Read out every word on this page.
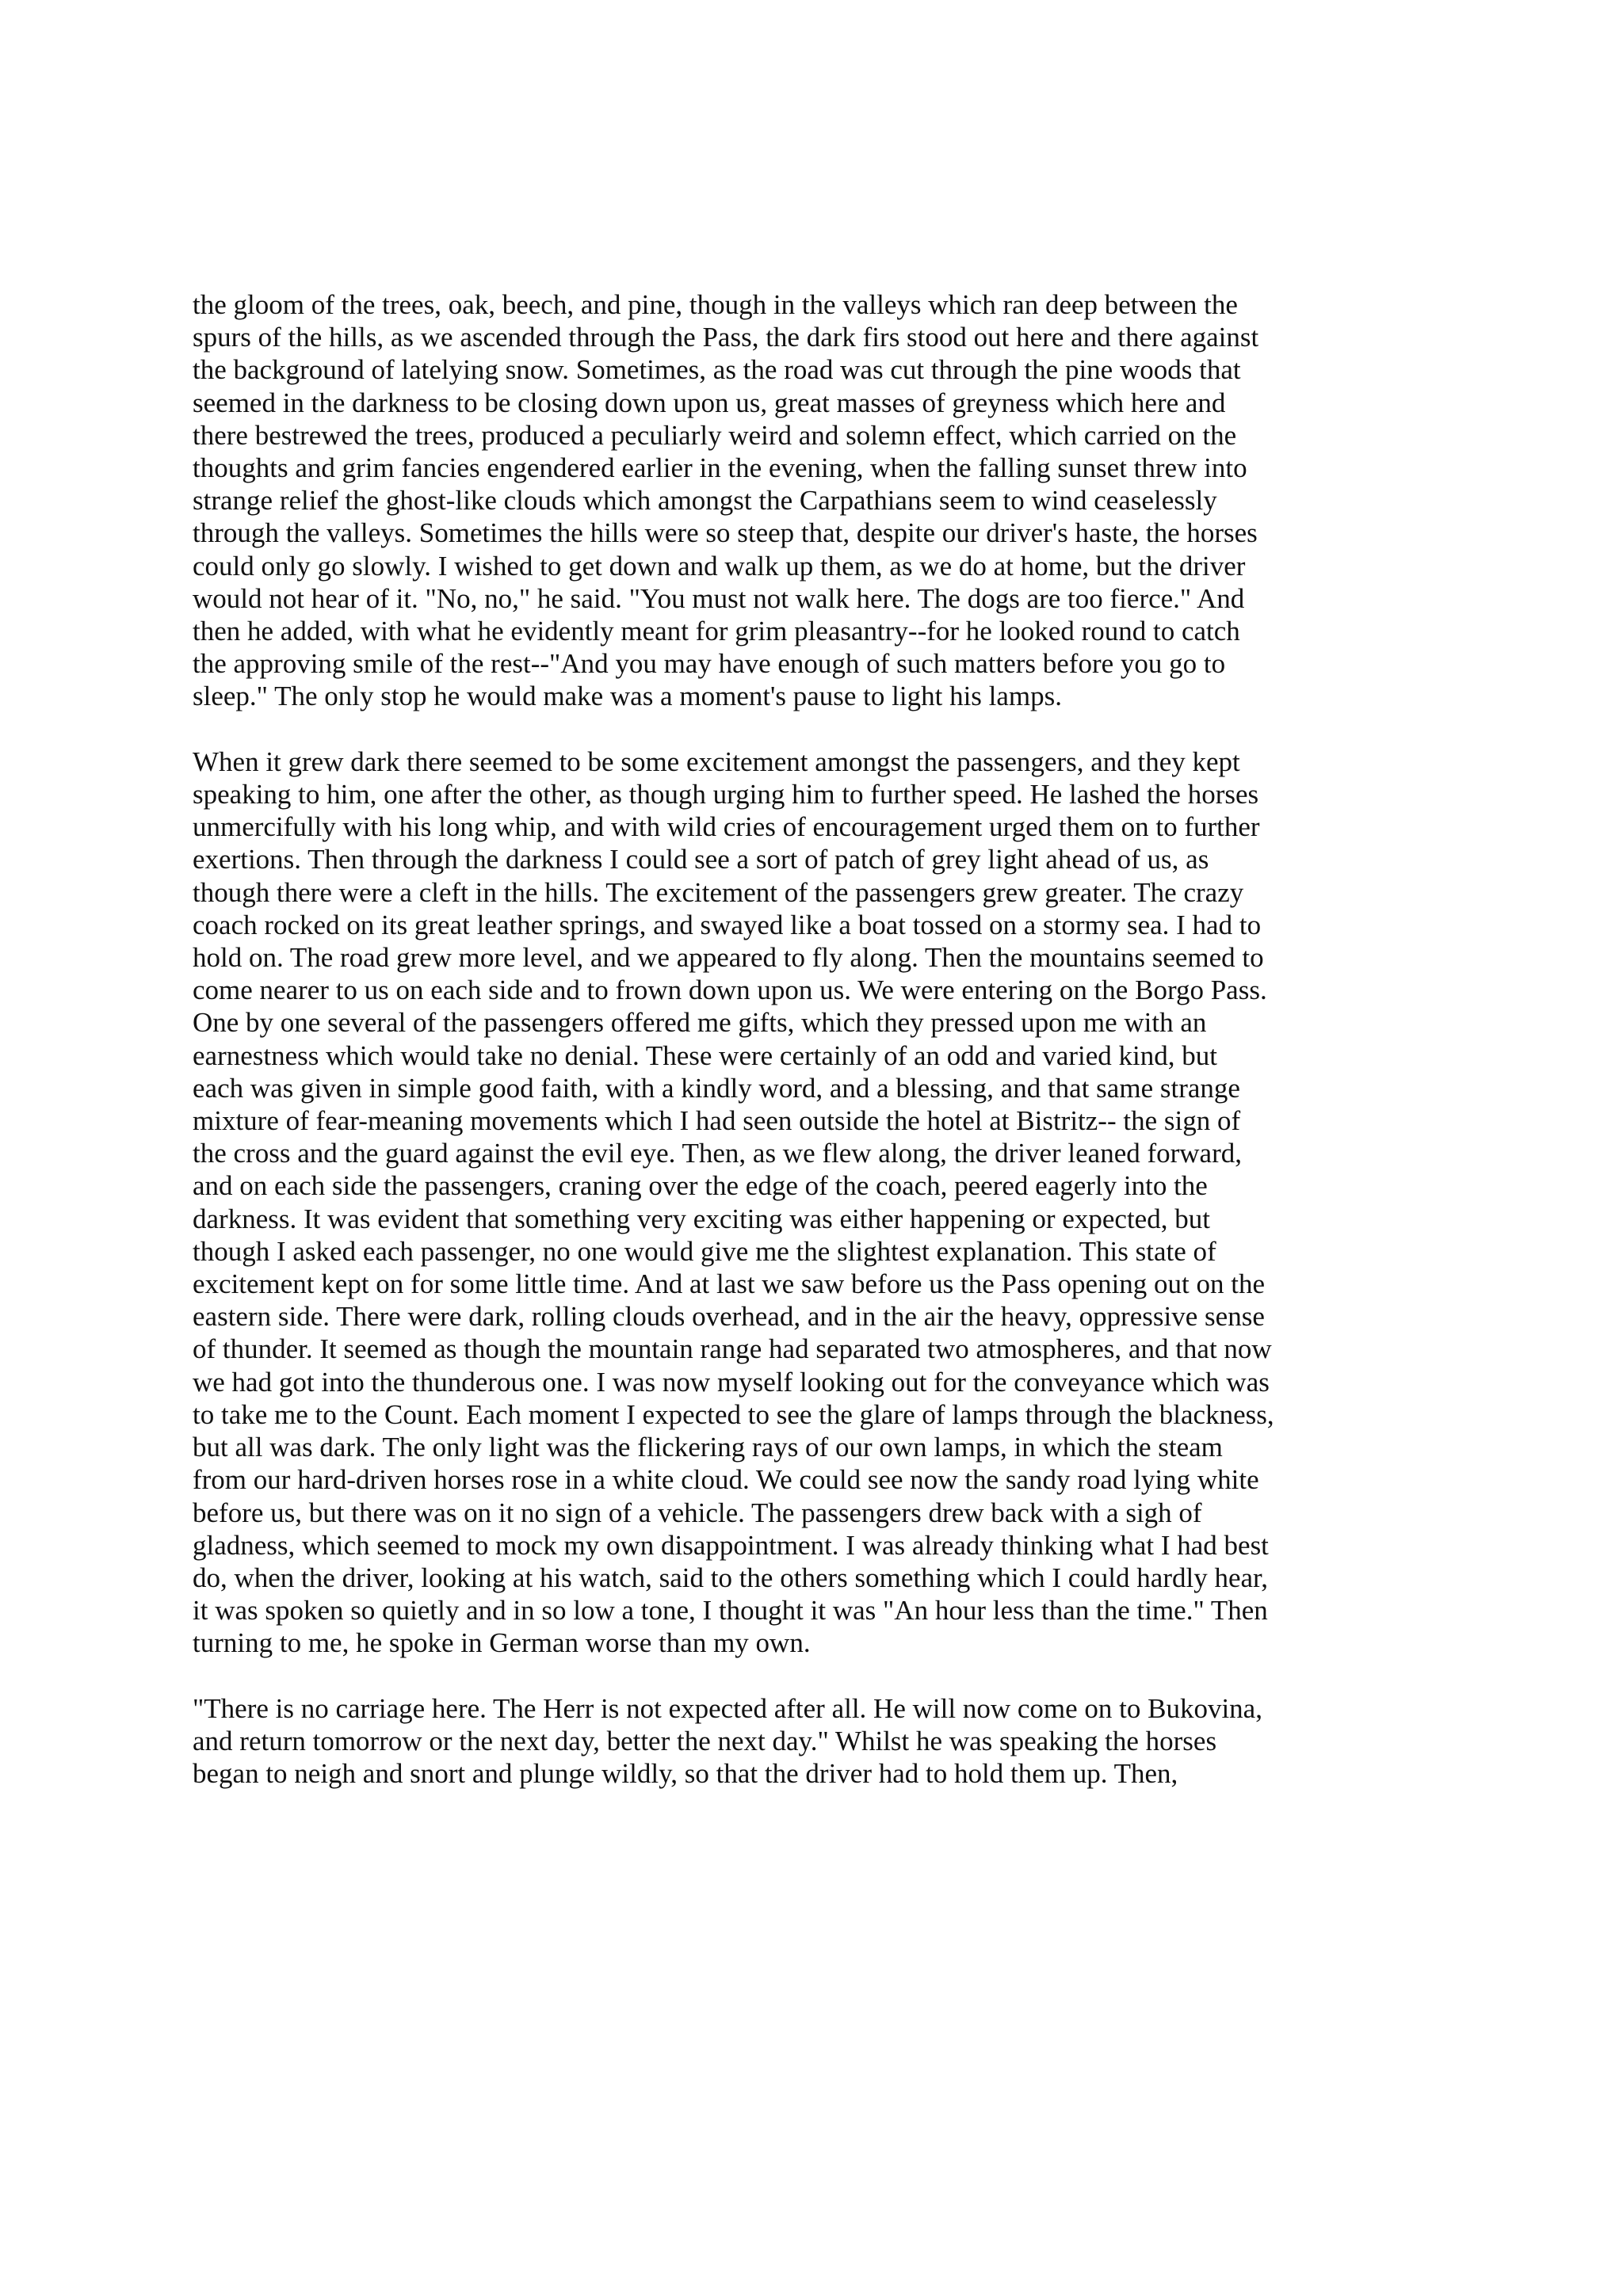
the gloom of the trees, oak, beech, and pine, though in the valleys which ran deep between the
spurs of the hills, as we ascended through the Pass, the dark firs stood out here and there against
the background of latelying snow. Sometimes, as the road was cut through the pine woods that
seemed in the darkness to be closing down upon us, great masses of greyness which here and
there bestrewed the trees, produced a peculiarly weird and solemn effect, which carried on the
thoughts and grim fancies engendered earlier in the evening, when the falling sunset threw into
strange relief the ghost-like clouds which amongst the Carpathians seem to wind ceaselessly
through the valleys. Sometimes the hills were so steep that, despite our driver's haste, the horses
could only go slowly. I wished to get down and walk up them, as we do at home, but the driver
would not hear of it. "No, no," he said. "You must not walk here. The dogs are too fierce." And
then he added, with what he evidently meant for grim pleasantry--for he looked round to catch
the approving smile of the rest--"And you may have enough of such matters before you go to
sleep." The only stop he would make was a moment's pause to light his lamps.

When it grew dark there seemed to be some excitement amongst the passengers, and they kept
speaking to him, one after the other, as though urging him to further speed. He lashed the horses
unmercifully with his long whip, and with wild cries of encouragement urged them on to further
exertions. Then through the darkness I could see a sort of patch of grey light ahead of us, as
though there were a cleft in the hills. The excitement of the passengers grew greater. The crazy
coach rocked on its great leather springs, and swayed like a boat tossed on a stormy sea. I had to
hold on. The road grew more level, and we appeared to fly along. Then the mountains seemed to
come nearer to us on each side and to frown down upon us. We were entering on the Borgo Pass.
One by one several of the passengers offered me gifts, which they pressed upon me with an
earnestness which would take no denial. These were certainly of an odd and varied kind, but
each was given in simple good faith, with a kindly word, and a blessing, and that same strange
mixture of fear-meaning movements which I had seen outside the hotel at Bistritz-- the sign of
the cross and the guard against the evil eye. Then, as we flew along, the driver leaned forward,
and on each side the passengers, craning over the edge of the coach, peered eagerly into the
darkness. It was evident that something very exciting was either happening or expected, but
though I asked each passenger, no one would give me the slightest explanation. This state of
excitement kept on for some little time. And at last we saw before us the Pass opening out on the
eastern side. There were dark, rolling clouds overhead, and in the air the heavy, oppressive sense
of thunder. It seemed as though the mountain range had separated two atmospheres, and that now
we had got into the thunderous one. I was now myself looking out for the conveyance which was
to take me to the Count. Each moment I expected to see the glare of lamps through the blackness,
but all was dark. The only light was the flickering rays of our own lamps, in which the steam
from our hard-driven horses rose in a white cloud. We could see now the sandy road lying white
before us, but there was on it no sign of a vehicle. The passengers drew back with a sigh of
gladness, which seemed to mock my own disappointment. I was already thinking what I had best
do, when the driver, looking at his watch, said to the others something which I could hardly hear,
it was spoken so quietly and in so low a tone, I thought it was "An hour less than the time." Then
turning to me, he spoke in German worse than my own.

"There is no carriage here. The Herr is not expected after all. He will now come on to Bukovina,
and return tomorrow or the next day, better the next day." Whilst he was speaking the horses
began to neigh and snort and plunge wildly, so that the driver had to hold them up. Then,
